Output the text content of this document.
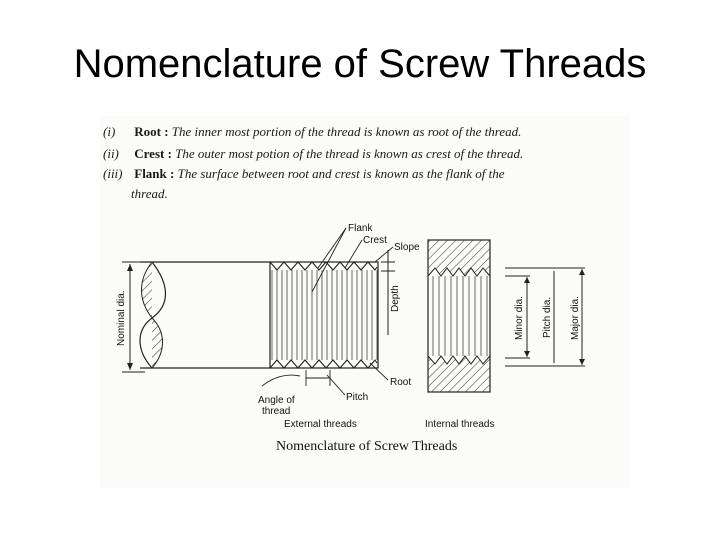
Nomenclature of Screw Threads
(i) Root : The inner most portion of the thread is known as root of the thread.
(ii) Crest : The outer most potion of the thread is known as crest of the thread.
(iii) Flank : The surface between root and crest is known as the flank of the
thread.
Nominal dia.	Depth	Minor dia. Pitch dia. Major dia.
Flank
Crest
Slope
Root
Pitch
Angle of
thread
External threads	Internal threads
Nomenclature of Screw Threads
